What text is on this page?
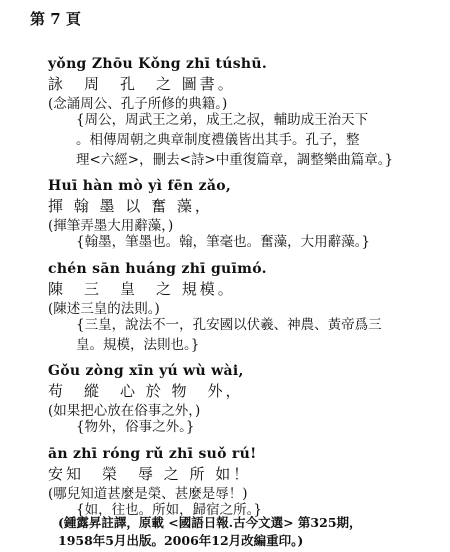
第 7 頁
yǒng Zhōu Kǒng zhī túshū.
詠　周　孔　之 圖書。
(念誦周公、孔子所修的典籍。)
{周公，周武王之弟，成王之叔，輔助成王治天下
。相傳周朝之典章制度禮儀皆出其手。孔子，整
理<六經>，刪去<詩>中重復篇章，調整樂曲篇章。}
Huī hàn mò yì fēn zǎo,
揮 翰 墨 以 奮 藻，
(揮筆弄墨大用辭藻，)
{翰墨，筆墨也。翰，筆毫也。奮藻，大用辭藻。}
chén sān huáng zhī guīmó.
陳　三　皇　之 規模。
(陳述三皇的法則。)
{三皇，說法不一，孔安國以伏羲、神農、黃帝爲三
皇。規模，法則也。}
Gǒu zòng xīn yú wù wài,
苟　縱　心 於 物　外，
(如果把心放在俗事之外，)
{物外，俗事之外。}
ān zhī róng rǔ zhī suǒ rú!
安知　榮　辱 之 所 如！
(哪兒知道甚麼是榮、甚麼是辱！)
{如，往也。所如，歸宿之所。}
(鍾露昇註譯，原載 <國語日報.古今文選> 第325期，
1958年5月出版。2006年12月改編重印。)
